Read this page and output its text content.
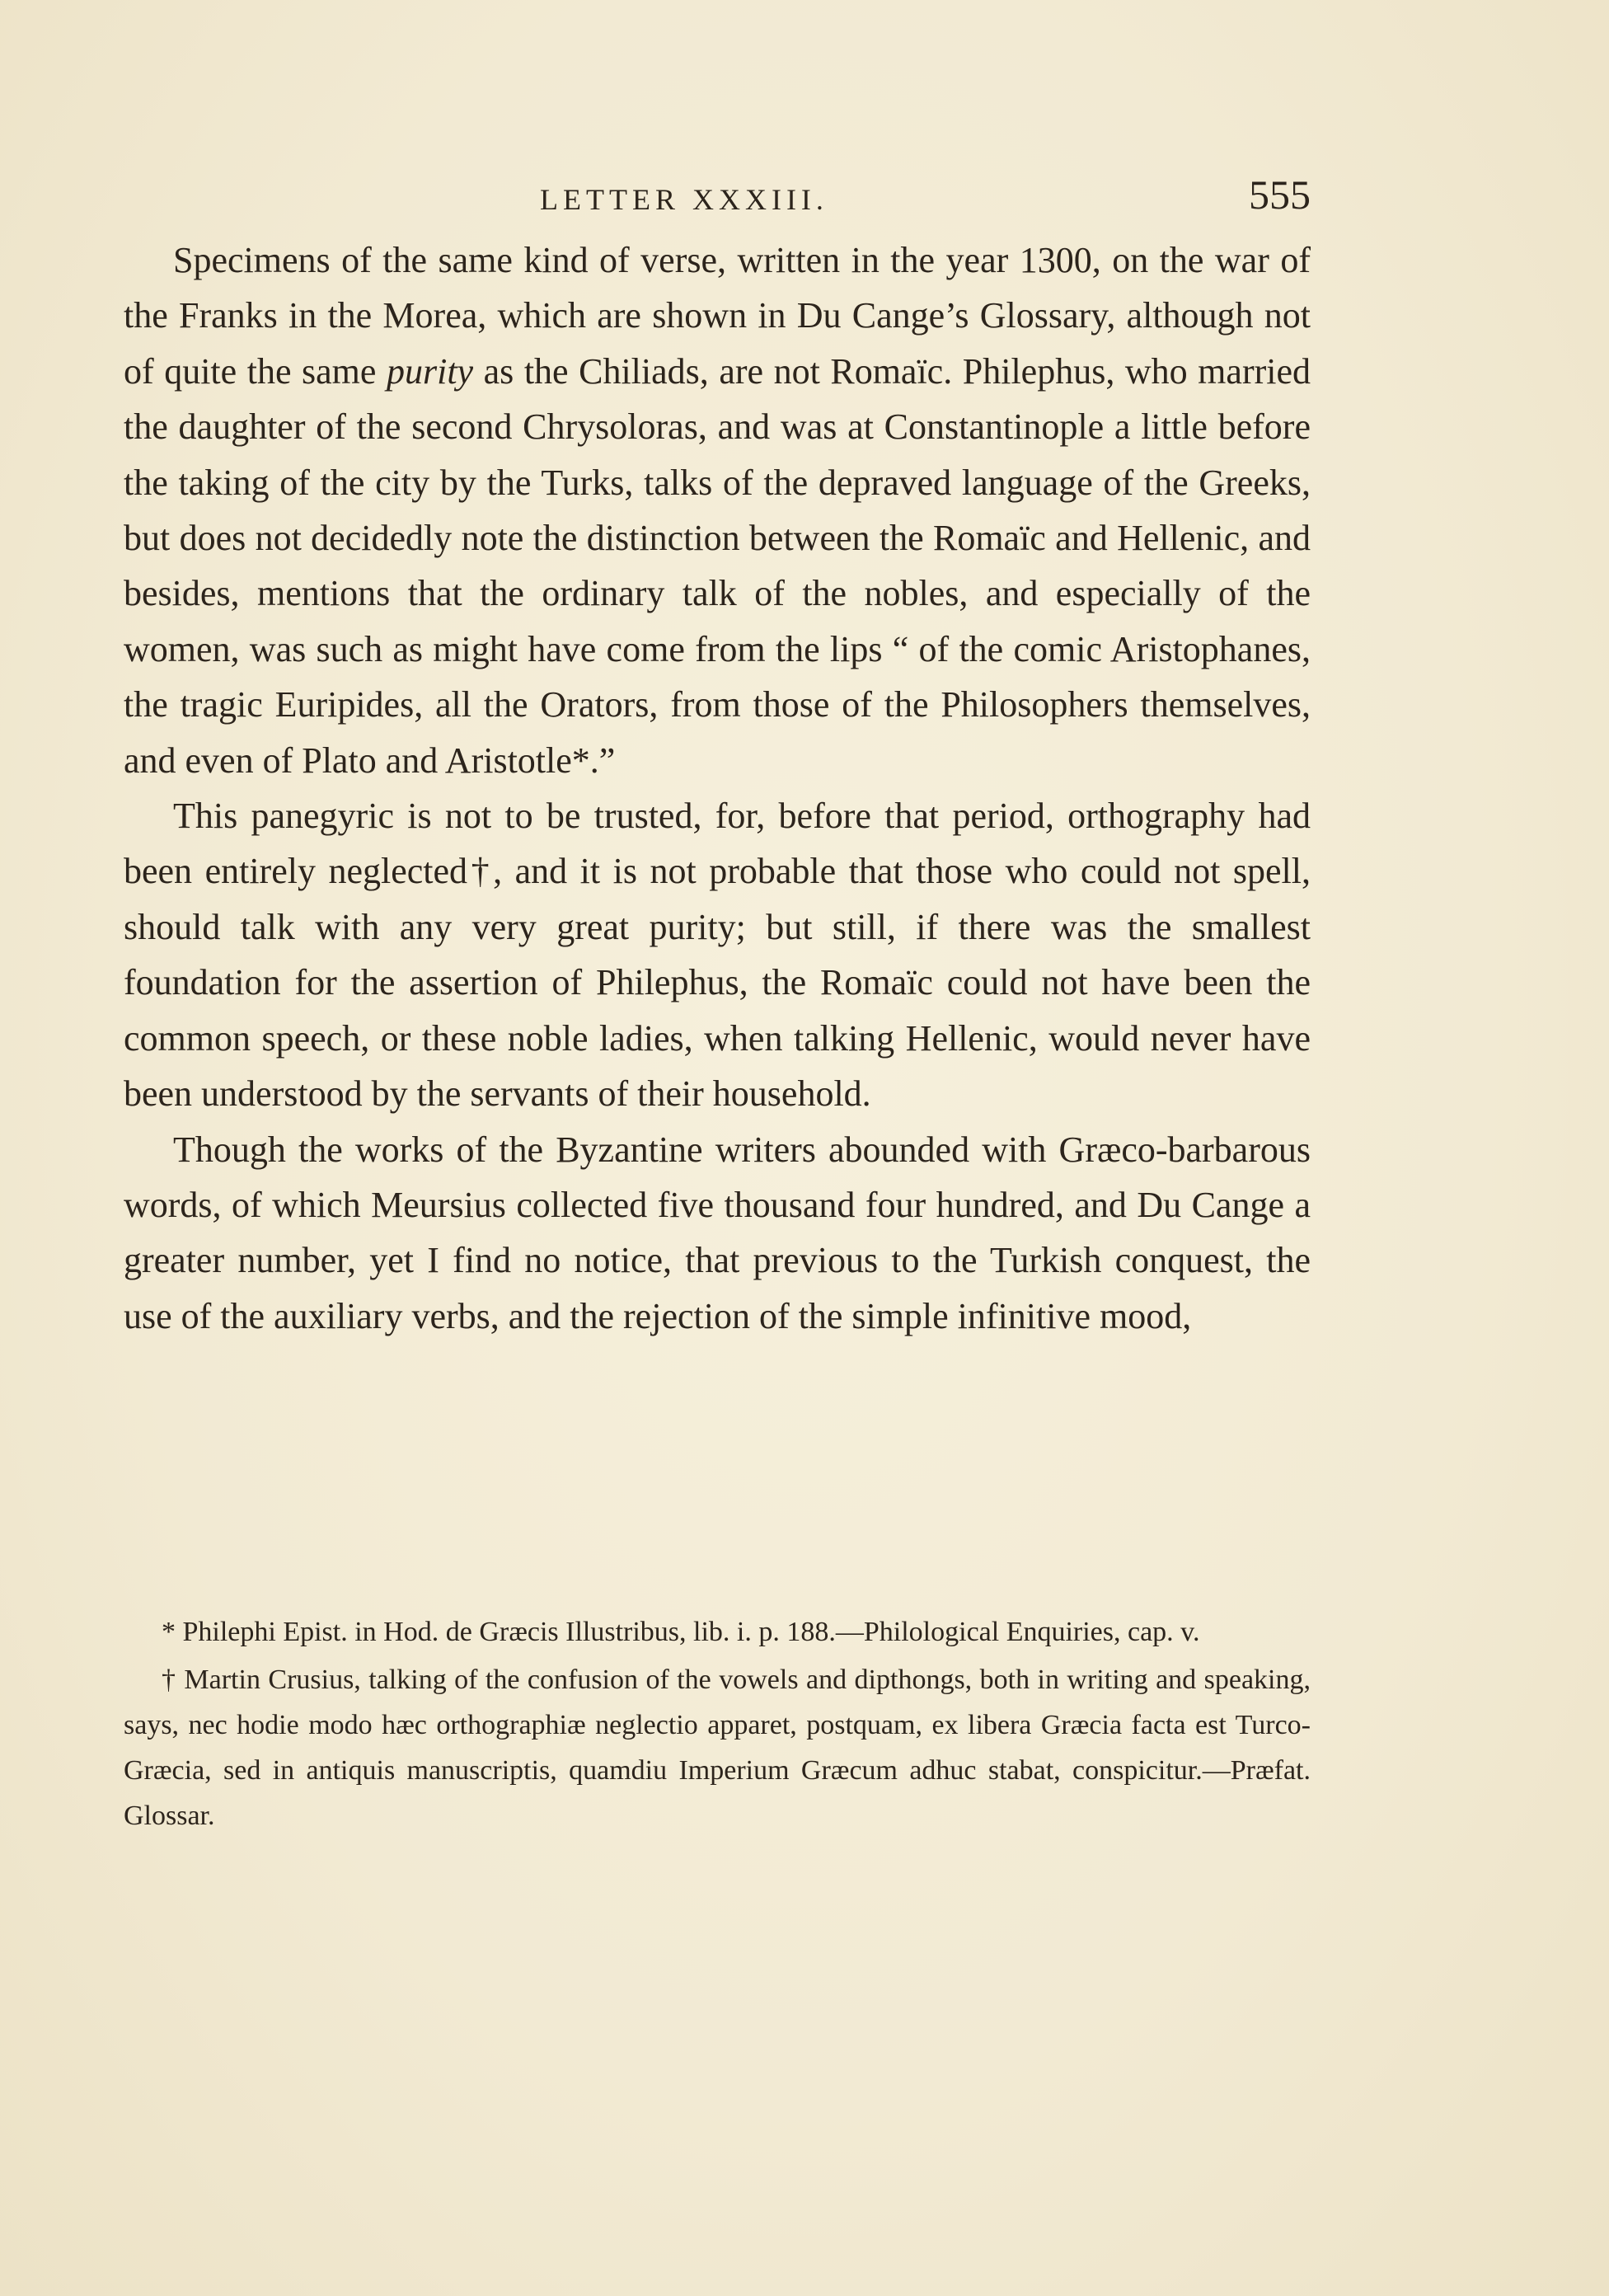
LETTER XXXIII.	555

Specimens of the same kind of verse, written in the year 1300, on the war of the Franks in the Morea, which are shown in Du Cange’s Glossary, although not of quite the same purity as the Chiliads, are not Romaïc. Philephus, who married the daughter of the second Chrysoloras, and was at Constantinople a little before the taking of the city by the Turks, talks of the depraved language of the Greeks, but does not decidedly note the distinction between the Romaïc and Hellenic, and besides, mentions that the ordinary talk of the nobles, and especially of the women, was such as might have come from the lips “ of the comic Aristophanes, the tragic Euripides, all the Orators, from those of the Philosophers themselves, and even of Plato and Aristotle*.”

This panegyric is not to be trusted, for, before that period, orthography had been entirely neglected†, and it is not probable that those who could not spell, should talk with any very great purity; but still, if there was the smallest foundation for the assertion of Philephus, the Romaïc could not have been the common speech, or these noble ladies, when talking Hellenic, would never have been understood by the servants of their household.

Though the works of the Byzantine writers abounded with Græco-barbarous words, of which Meursius collected five thousand four hundred, and Du Cange a greater number, yet I find no notice, that previous to the Turkish conquest, the use of the auxiliary verbs, and the rejection of the simple infinitive mood,

* Philephi Epist. in Hod. de Græcis Illustribus, lib. i. p. 188.—Philological Enquiries, cap. v.

† Martin Crusius, talking of the confusion of the vowels and dipthongs, both in writing and speaking, says, nec hodie modo hæc orthographiæ neglectio apparet, postquam, ex libera Græcia facta est Turco-Græcia, sed in antiquis manuscriptis, quamdiu Imperium Græcum adhuc stabat, conspicitur.—Præfat. Glossar.
